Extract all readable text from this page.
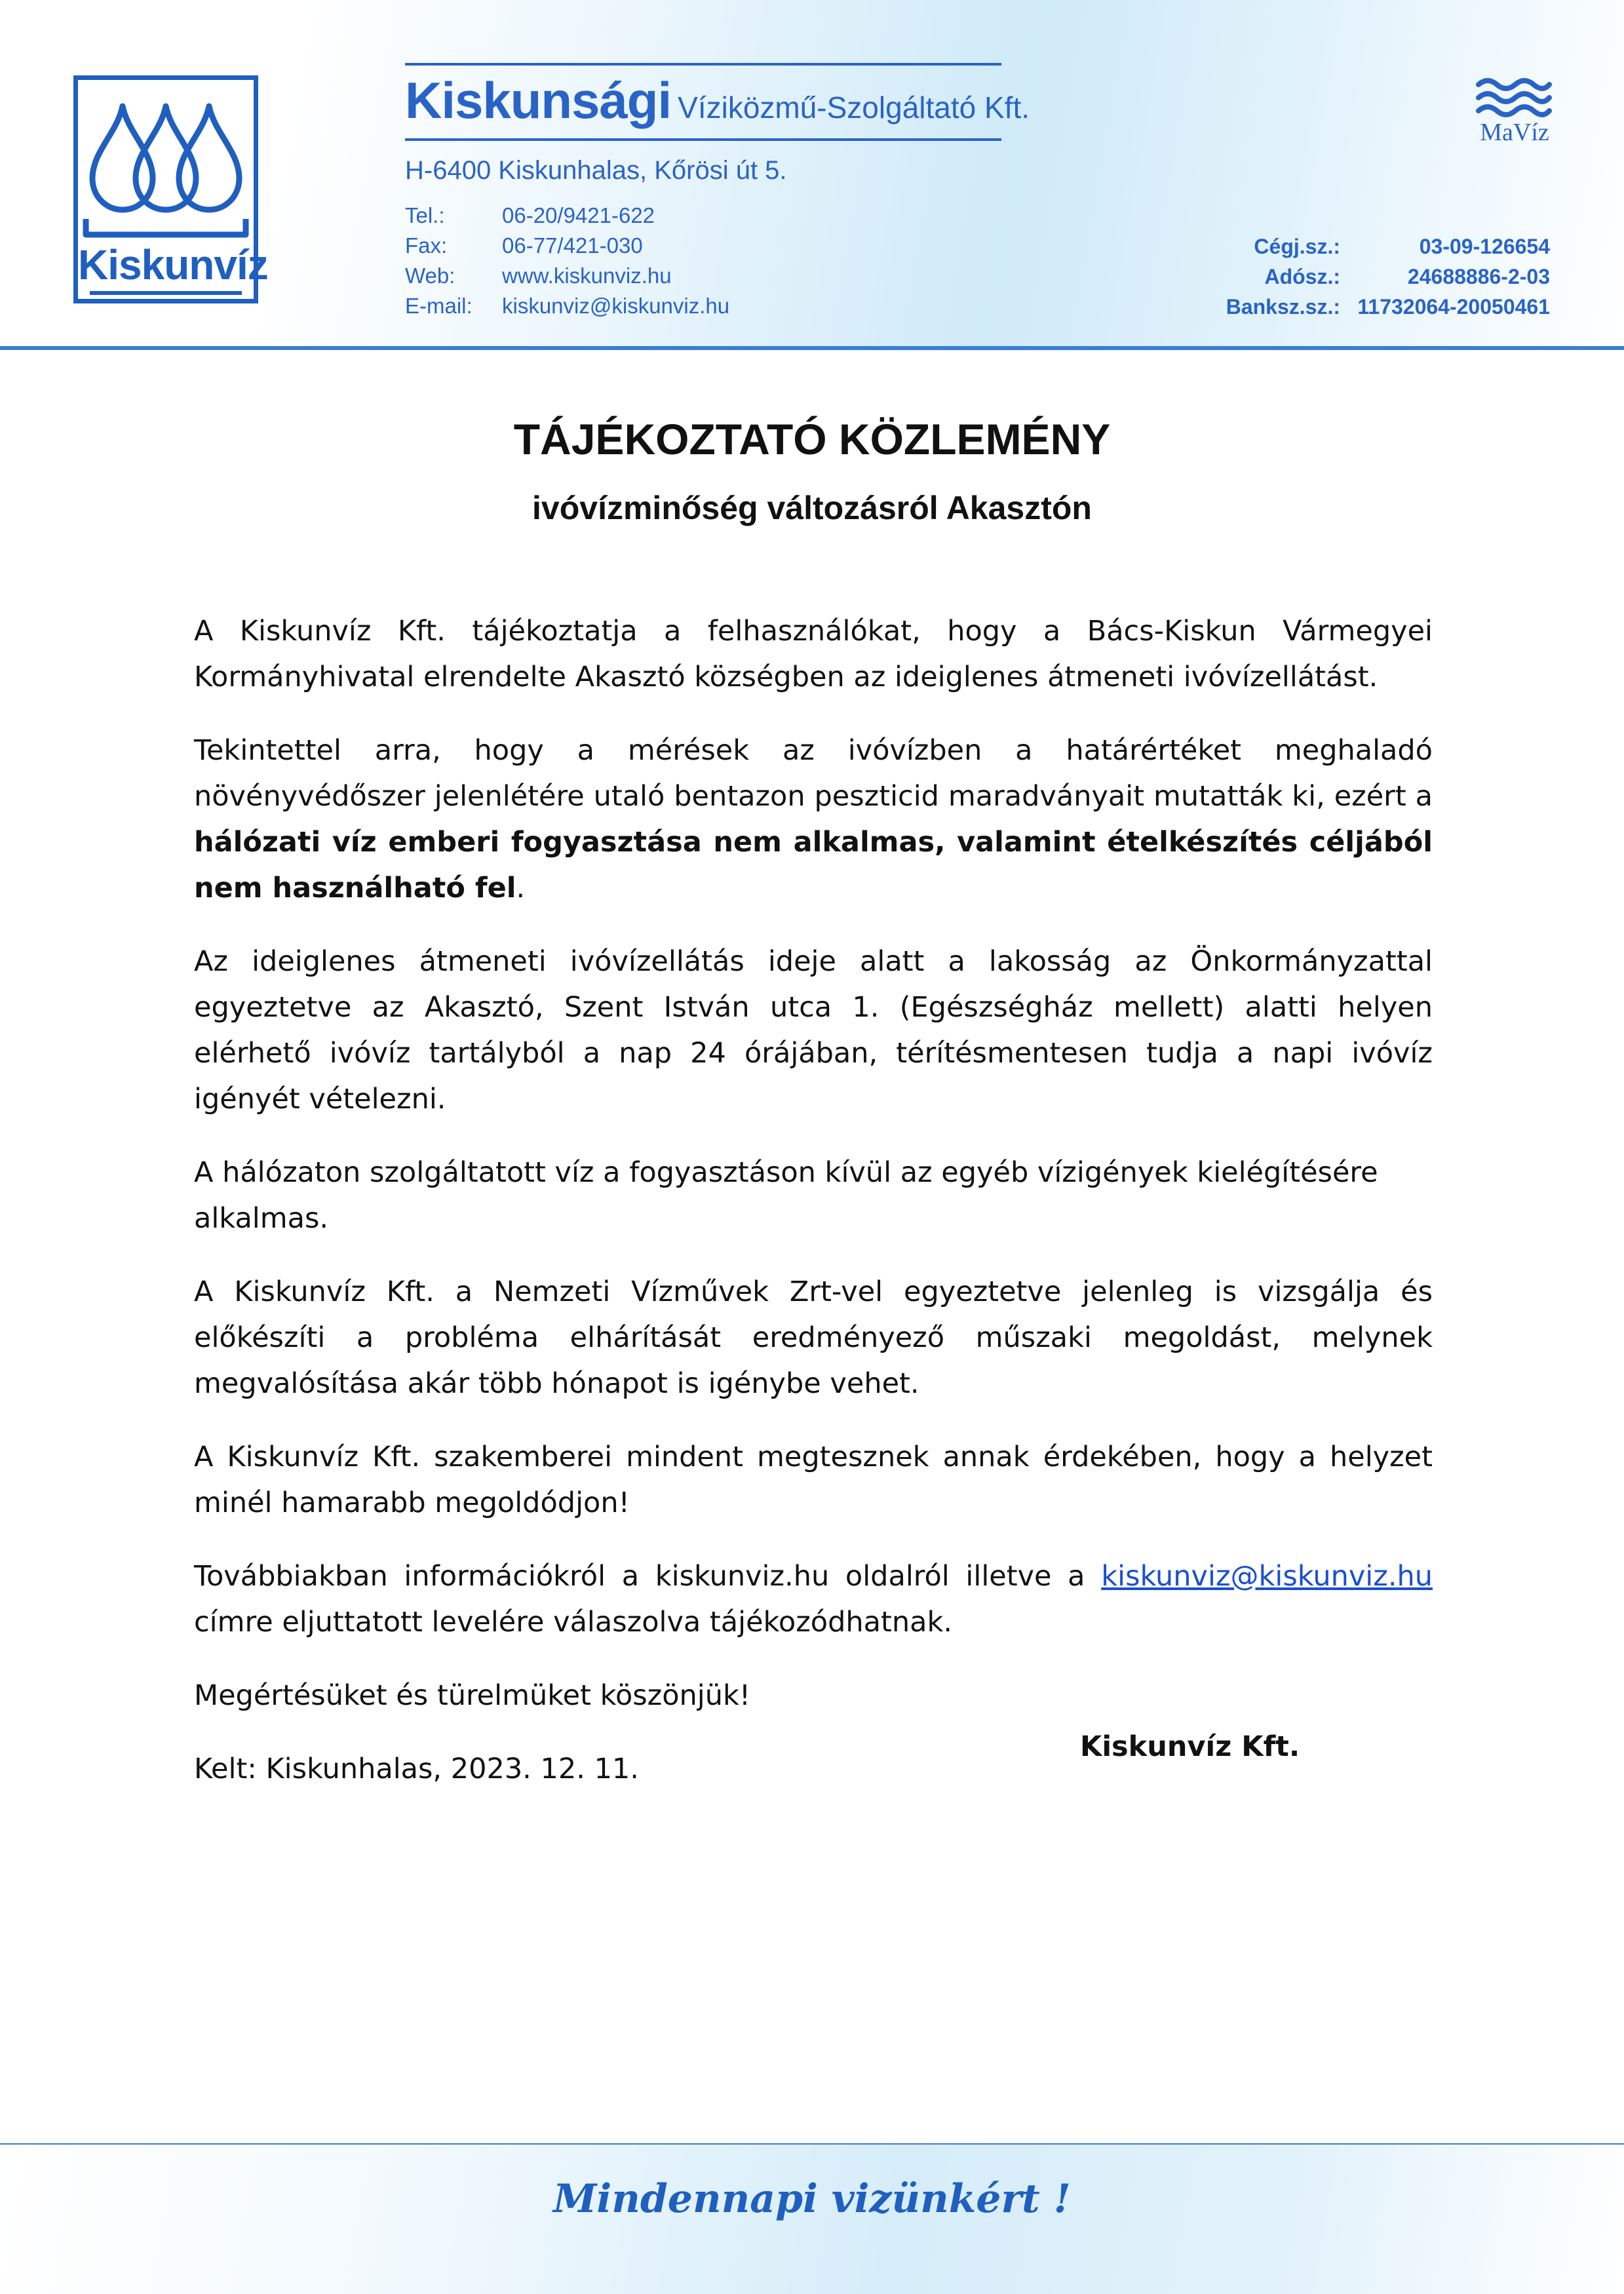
Kiskunvíz
Kiskunsági Víziközmű-Szolgáltató Kft.
H-6400 Kiskunhalas, Kőrösi út 5.
Tel.:	06-20/9421-622
Fax:	06-77/421-030
Web: www.kiskunviz.hu
E-mail: kiskunviz@kiskunviz.hu
MaVíz
Cégj.sz.:	03-09-126654
Adósz.:	24688886-2-03
Banksz.sz.: 11732064-20050461
TÁJÉKOZTATÓ KÖZLEMÉNY
ivóvízminőség változásról Akasztón

A Kiskunvíz Kft. tájékoztatja a felhasználókat, hogy a Bács-Kiskun Vármegyei Kormányhivatal elrendelte Akasztó községben az ideiglenes átmeneti ivóvízellátást.

Tekintettel arra, hogy a mérések az ivóvízben a határértéket meghaladó növényvédőszer jelenlétére utaló bentazon peszticid maradványait mutatták ki, ezért a hálózati víz emberi fogyasztása nem alkalmas, valamint ételkészítés céljából nem használható fel.

Az ideiglenes átmeneti ivóvízellátás ideje alatt a lakosság az Önkormányzattal egyeztetve az Akasztó, Szent István utca 1. (Egészségház mellett) alatti helyen elérhető ivóvíz tartályból a nap 24 órájában, térítésmentesen tudja a napi ivóvíz igényét vételezni.

A hálózaton szolgáltatott víz a fogyasztáson kívül az egyéb vízigények kielégítésére alkalmas.

A Kiskunvíz Kft. a Nemzeti Vízművek Zrt-vel egyeztetve jelenleg is vizsgálja és előkészíti a probléma elhárítását eredményező műszaki megoldást, melynek megvalósítása akár több hónapot is igénybe vehet.

A Kiskunvíz Kft. szakemberei mindent megtesznek annak érdekében, hogy a helyzet minél hamarabb megoldódjon!

Továbbiakban információkról a kiskunviz.hu oldalról illetve a kiskunviz@kiskunviz.hu címre eljuttatott levelére válaszolva tájékozódhatnak.

Megértésüket és türelmüket köszönjük!

Kelt: Kiskunhalas, 2023. 12. 11.

Kiskunvíz Kft.
Mindennapi vizünkért !
